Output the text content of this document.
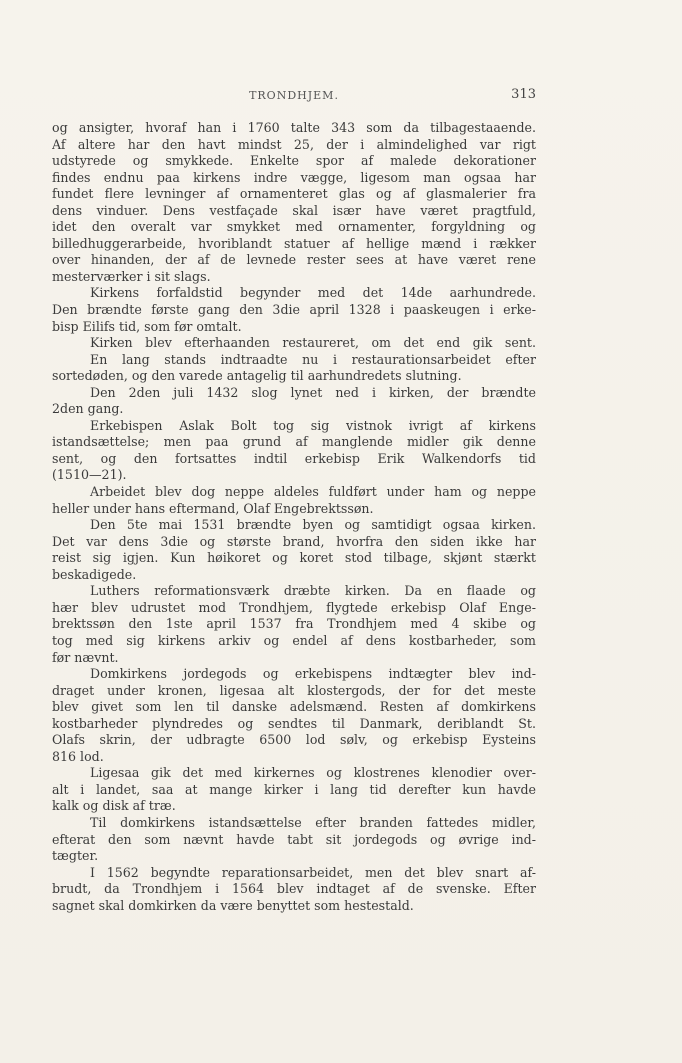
TRONDHJEM.	313
og ansigter, hvoraf han i 1760 talte 343 som da tilbagestaaende.
Af altere har den havt mindst 25, der i almindelighed var rigt
udstyrede og smykkede. Enkelte spor af malede dekorationer
findes endnu paa kirkens indre vægge, ligesom man ogsaa har
fundet flere levninger af ornamenteret glas og af glasmalerier fra
dens vinduer. Dens vestfaçade skal især have været pragtfuld,
idet den overalt var smykket med ornamenter, forgyldning og
billedhuggerarbeide, hvoriblandt statuer af hellige mænd i rækker
over hinanden, der af de levnede rester sees at have været rene
mesterværker i sit slags.
Kirkens forfaldstid begynder med det 14de aarhundrede.
Den brændte første gang den 3die april 1328 i paaskeugen i erke-
bisp Eilifs tid, som før omtalt.
Kirken blev efterhaanden restaureret, om det end gik sent.
En lang stands indtraadte nu i restaurationsarbeidet efter
sortedøden, og den varede antagelig til aarhundredets slutning.
Den 2den juli 1432 slog lynet ned i kirken, der brændte
2den gang.
Erkebispen Aslak Bolt tog sig vistnok ivrigt af kirkens
istandsættelse; men paa grund af manglende midler gik denne
sent, og den fortsattes indtil erkebisp Erik Walkendorfs tid
(1510—21).
Arbeidet blev dog neppe aldeles fuldført under ham og neppe
heller under hans eftermand, Olaf Engebrektssøn.
Den 5te mai 1531 brændte byen og samtidigt ogsaa kirken.
Det var dens 3die og største brand, hvorfra den siden ikke har
reist sig igjen. Kun høikoret og koret stod tilbage, skjønt stærkt
beskadigede.
Luthers reformationsværk dræbte kirken. Da en flaade og
hær blev udrustet mod Trondhjem, flygtede erkebisp Olaf Enge-
brektssøn den 1ste april 1537 fra Trondhjem med 4 skibe og
tog med sig kirkens arkiv og endel af dens kostbarheder, som
før nævnt.
Domkirkens jordegods og erkebispens indtægter blev ind-
draget under kronen, ligesaa alt klostergods, der for det meste
blev givet som len til danske adelsmænd. Resten af domkirkens
kostbarheder plyndredes og sendtes til Danmark, deriblandt St.
Olafs skrin, der udbragte 6500 lod sølv, og erkebisp Eysteins
816 lod.
Ligesaa gik det med kirkernes og klostrenes klenodier over-
alt i landet, saa at mange kirker i lang tid derefter kun havde
kalk og disk af træ.
Til domkirkens istandsættelse efter branden fattedes midler,
efterat den som nævnt havde tabt sit jordegods og øvrige ind-
tægter.
I 1562 begyndte reparationsarbeidet, men det blev snart af-
brudt, da Trondhjem i 1564 blev indtaget af de svenske. Efter
sagnet skal domkirken da være benyttet som hestestald.
